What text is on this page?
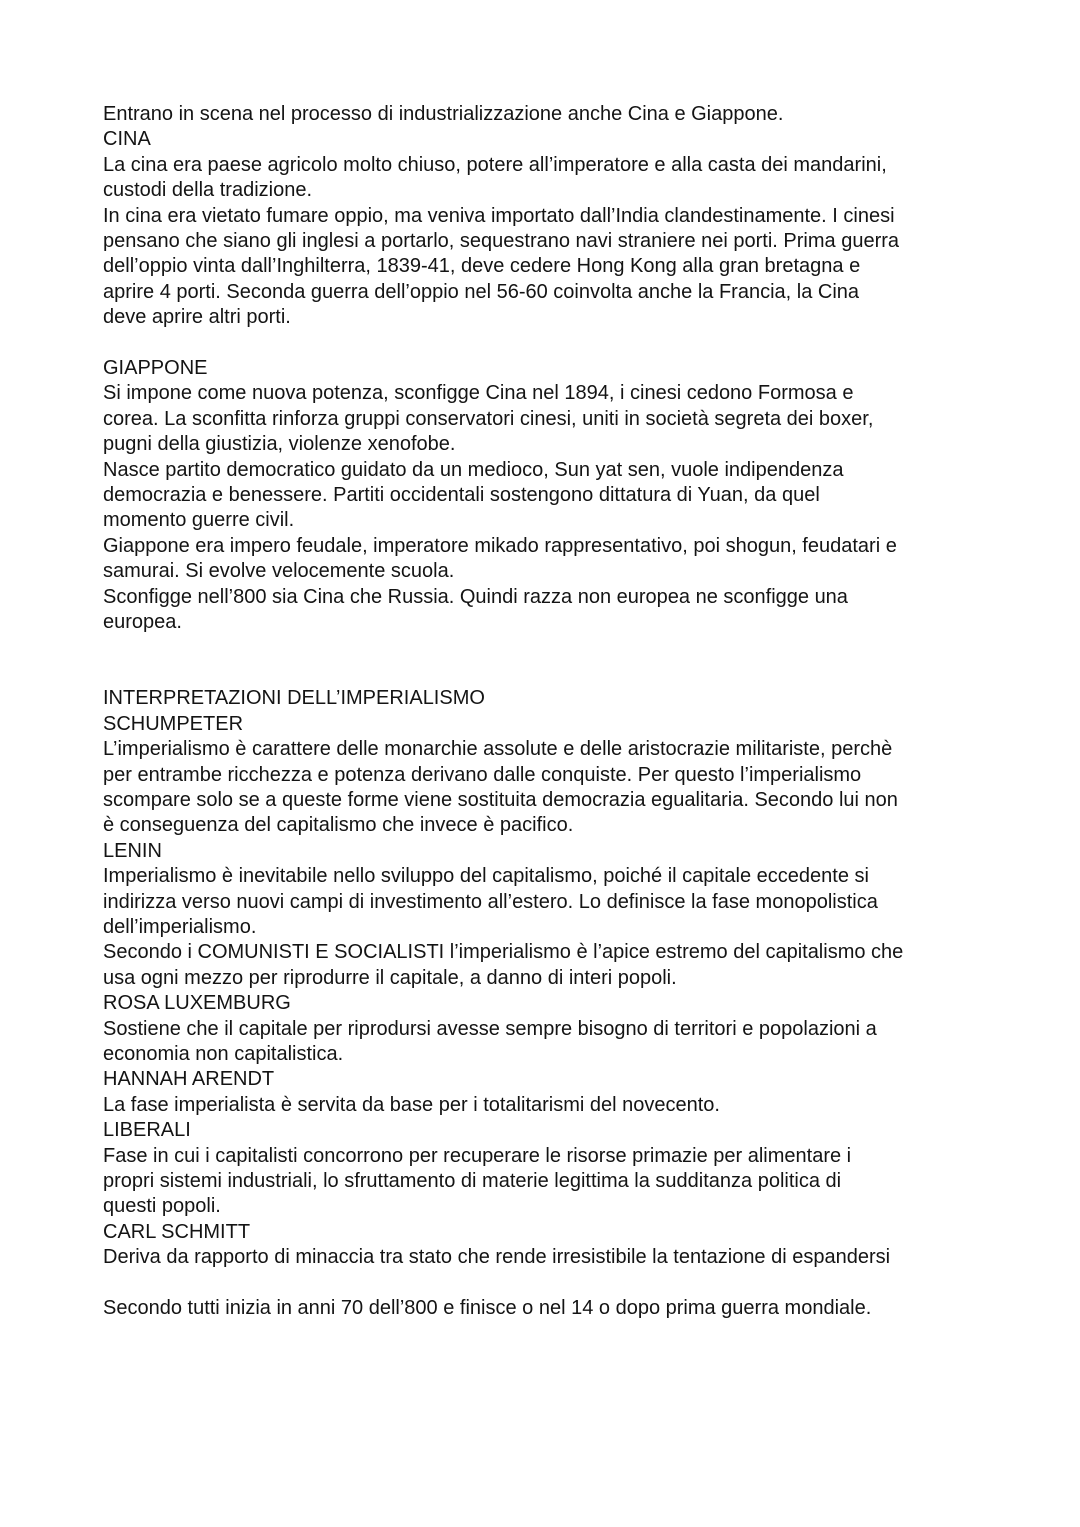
Entrano in scena nel processo di industrializzazione anche Cina e Giappone.
CINA
La cina era paese agricolo molto chiuso, potere all’imperatore e alla casta dei mandarini,
custodi della tradizione.
In cina era vietato fumare oppio, ma veniva importato dall’India clandestinamente. I cinesi
pensano che siano gli inglesi a portarlo, sequestrano navi straniere nei porti. Prima guerra
dell’oppio vinta dall’Inghilterra, 1839-41, deve cedere Hong Kong alla gran bretagna e
aprire 4 porti. Seconda guerra dell’oppio nel 56-60 coinvolta anche la Francia, la Cina
deve aprire altri porti.
GIAPPONE
Si impone come nuova potenza, sconfigge Cina nel 1894, i cinesi cedono Formosa e
corea. La sconfitta rinforza gruppi conservatori cinesi, uniti in società segreta dei boxer,
pugni della giustizia, violenze xenofobe.
Nasce partito democratico guidato da un medioco, Sun yat sen, vuole indipendenza
democrazia e benessere. Partiti occidentali sostengono dittatura di Yuan, da quel
momento guerre civil.
Giappone era impero feudale, imperatore mikado rappresentativo, poi shogun, feudatari e
samurai. Si evolve velocemente scuola.
Sconfigge nell’800 sia Cina che Russia. Quindi razza non europea ne sconfigge una
europea.
INTERPRETAZIONI DELL’IMPERIALISMO
SCHUMPETER
L’imperialismo è carattere delle monarchie assolute e delle aristocrazie militariste, perchè
per entrambe ricchezza e potenza derivano dalle conquiste. Per questo l’imperialismo
scompare solo se a queste forme viene sostituita democrazia egualitaria. Secondo lui non
è conseguenza del capitalismo che invece è pacifico.
LENIN
Imperialismo è inevitabile nello sviluppo del capitalismo, poiché il capitale eccedente si
indirizza verso nuovi campi di investimento all’estero. Lo definisce la fase monopolistica
dell’imperialismo.
Secondo i COMUNISTI E SOCIALISTI l’imperialismo è l’apice estremo del capitalismo che
usa ogni mezzo per riprodurre il capitale, a danno di interi popoli.
ROSA LUXEMBURG
Sostiene che il capitale per riprodursi avesse sempre bisogno di territori e popolazioni a
economia non capitalistica.
HANNAH ARENDT
La fase imperialista è servita da base per i totalitarismi del novecento.
LIBERALI
Fase in cui i capitalisti concorrono per recuperare le risorse primazie per alimentare i
propri sistemi industriali, lo sfruttamento di materie legittima la sudditanza politica di
questi popoli.
CARL SCHMITT
Deriva da rapporto di minaccia tra stato che rende irresistibile la tentazione di espandersi
Secondo tutti inizia in anni 70 dell’800 e finisce o nel 14 o dopo prima guerra mondiale.
